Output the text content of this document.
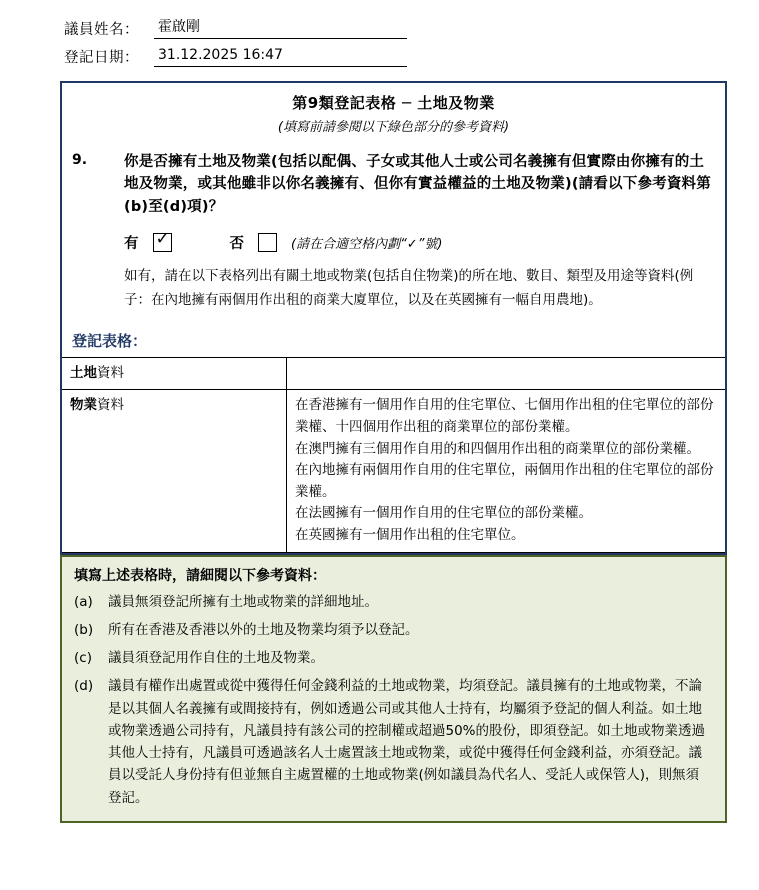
議員姓名：	霍啟剛
登記日期：	31.12.2025 16:47
第9類登記表格 ─ 土地及物業
(填寫前請參閱以下綠色部分的參考資料)
9.	你是否擁有土地及物業(包括以配偶、子女或其他人士或公司名義擁有但實際由你擁有的土地及物業，或其他雖非以你名義擁有、但你有實益權益的土地及物業)(請看以下參考資料第(b)至(d)項)？
有 ✓	否	(請在合適空格內劃“✓”號)
如有，請在以下表格列出有關土地或物業(包括自住物業)的所在地、數目、類型及用途等資料(例子：在內地擁有兩個用作出租的商業大廈單位，以及在英國擁有一幅自用農地)。
登記表格：
土地資料	
物業資料	在香港擁有一個用作自用的住宅單位、七個用作出租的住宅單位的部份業權、十四個用作出租的商業單位的部份業權。

在澳門擁有三個用作自用的和四個用作出租的商業單位的部份業權。

在內地擁有兩個用作自用的住宅單位，兩個用作出租的住宅單位的部份業權。

在法國擁有一個用作自用的住宅單位的部份業權。

在英國擁有一個用作出租的住宅單位。

填寫上述表格時，請細閱以下參考資料：
(a)	議員無須登記所擁有土地或物業的詳細地址。
(b)	所有在香港及香港以外的土地及物業均須予以登記。
(c)	議員須登記用作自住的土地及物業。
(d)	議員有權作出處置或從中獲得任何金錢利益的土地或物業，均須登記。議員擁有的土地或物業，不論是以其個人名義擁有或間接持有，例如透過公司或其他人士持有，均屬須予登記的個人利益。如土地或物業透過公司持有，凡議員持有該公司的控制權或超過50%的股份，即須登記。如土地或物業透過其他人士持有，凡議員可透過該名人士處置該土地或物業，或從中獲得任何金錢利益，亦須登記。議員以受託人身份持有但並無自主處置權的土地或物業(例如議員為代名人、受託人或保管人)，則無須登記。
